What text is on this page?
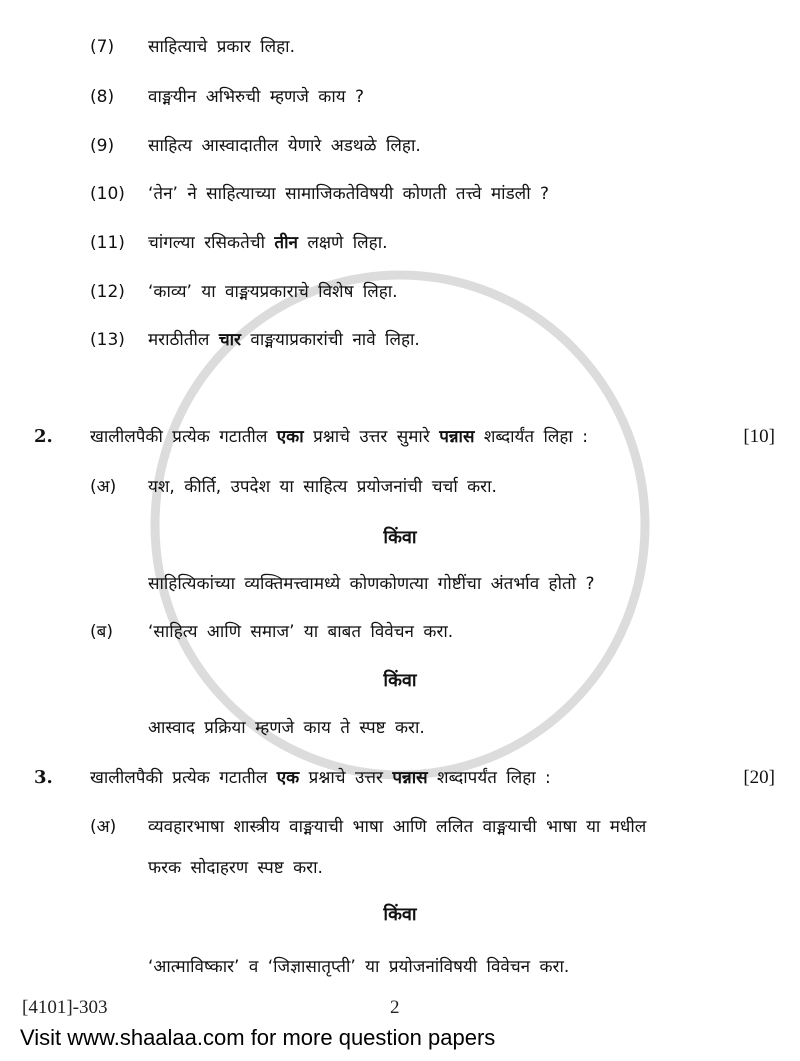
(7)	साहित्याचे प्रकार लिहा.
(8)	वाङ्मयीन अभिरुची म्हणजे काय ?
(9)	साहित्य आस्वादातील येणारे अडथळे लिहा.
(10)	‘तेन’ ने साहित्याच्या सामाजिकतेविषयी कोणती तत्त्वे मांडली ?
(11)	चांगल्या रसिकतेची तीन लक्षणे लिहा.
(12)	‘काव्य’ या वाङ्मयप्रकाराचे विशेष लिहा.
(13)	मराठीतील चार वाङ्मयाप्रकारांची नावे लिहा.
2.	खालीलपैकी प्रत्येक गटातील एका प्रश्नाचे उत्तर सुमारे पन्नास शब्दार्यंत लिहा :	[10]
(अ)	यश, कीर्ति, उपदेश या साहित्य प्रयोजनांची चर्चा करा.
किंवा
साहित्यिकांच्या व्यक्तिमत्त्वामध्ये कोणकोणत्या गोष्टींचा अंतर्भाव होतो ?
(ब)	‘साहित्य आणि समाज’ या बाबत विवेचन करा.
किंवा
आस्वाद प्रक्रिया म्हणजे काय ते स्पष्ट करा.
3.	खालीलपैकी प्रत्येक गटातील एक प्रश्नाचे उत्तर पन्नास शब्दापर्यंत लिहा :	[20]
(अ)	व्यवहारभाषा शास्त्रीय वाङ्मयाची भाषा आणि ललित वाङ्मयाची भाषा या मधील
फरक सोदाहरण स्पष्ट करा.
किंवा
‘आत्माविष्कार’ व ‘जिज्ञासातृप्ती’ या प्रयोजनांविषयी विवेचन करा.
[4101]-303	2
Visit www.shaalaa.com for more question papers
